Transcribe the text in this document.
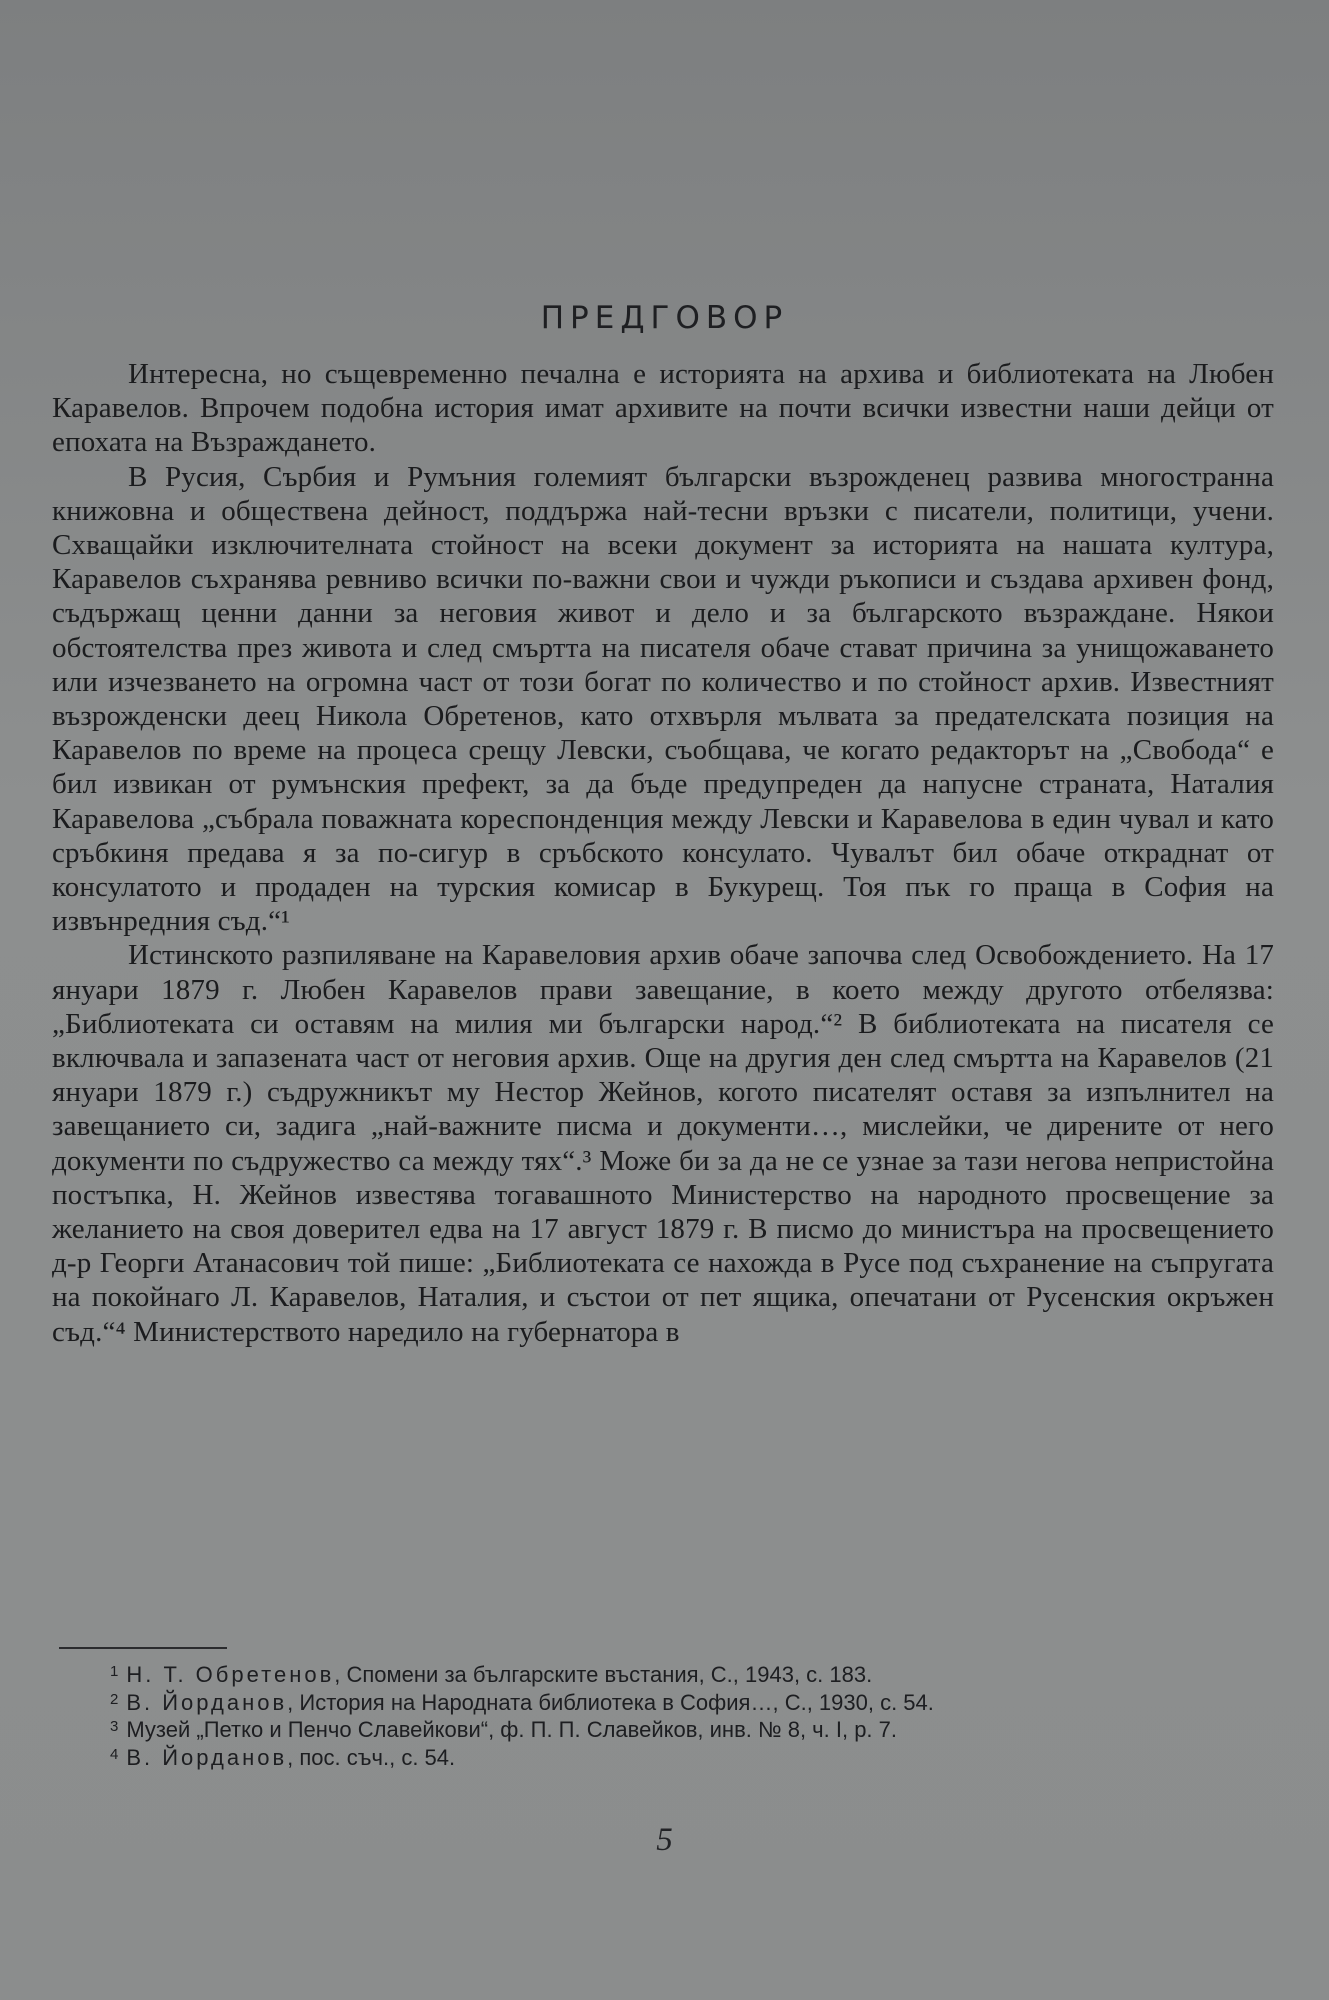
ПРЕДГОВОР

Интересна, но същевременно печална е историята на архива и библиотеката на Любен Каравелов. Впрочем подобна история имат архивите на почти всички известни наши дейци от епохата на Възраждането.

В Русия, Сърбия и Румъния големият български възрожденец развива многостранна книжовна и обществена дейност, поддържа най-тесни връзки с писатели, политици, учени. Схващайки изключителната стойност на всеки документ за историята на нашата култура, Каравелов съхранява ревниво всички по-важни свои и чужди ръкописи и създава архивен фонд, съдържащ ценни данни за неговия живот и дело и за българското възраждане. Някои обстоятелства през живота и след смъртта на писателя обаче стават причина за унищожаването или изчезването на огромна част от този богат по количество и по стойност архив. Известният възрожденски деец Никола Обретенов, като отхвърля мълвата за предателската позиция на Каравелов по време на процеса срещу Левски, съобщава, че когато редакторът на „Свобода“ е бил извикан от румънския префект, за да бъде предупреден да напусне страната, Наталия Каравелова „събрала поважната кореспонденция между Левски и Каравелова в един чувал и като сръбкиня предава я за по-сигур в сръбското консулато. Чувалът бил обаче откраднат от консулатото и продаден на турския комисар в Букурещ. Тоя пък го праща в София на извънредния съд.“¹

Истинското разпиляване на Каравеловия архив обаче започва след Освобождението. На 17 януари 1879 г. Любен Каравелов прави завещание, в което между другото отбелязва: „Библиотеката си оставям на милия ми български народ.“² В библиотеката на писателя се включвала и запазената част от неговия архив. Още на другия ден след смъртта на Каравелов (21 януари 1879 г.) съдружникът му Нестор Жейнов, когото писателят оставя за изпълнител на завещанието си, задига „най-важните писма и документи…, мислейки, че диренитe от него документи по съдружество са между тях“.³ Може би за да не се узнае за тази негова непристойна постъпка, Н. Жейнов известява тогавашното Министерство на народното просвещение за желанието на своя доверител едва на 17 август 1879 г. В писмо до министъра на просвещението д-р Георги Атанасович той пише: „Библиотеката се нахожда в Русе под съхранение на съпругата на покойнаго Л. Каравелов, Наталия, и състои от пет ящика, опечатани от Русенския окръжен съд.“⁴ Министерството наредило на губернатора в

$^1$ Н. Т. Обретенов, Спомени за българските въстания, С., 1943, с. 183.
$^2$ В. Йорданов, История на Народната библиотека в София…, С., 1930, с. 54.
$^3$ Музей „Петко и Пенчо Славейкови“, ф. П. П. Славейков, инв. № 8, ч. I, р. 7.
$^4$ В. Йорданов, пос. съч., с. 54.
5
